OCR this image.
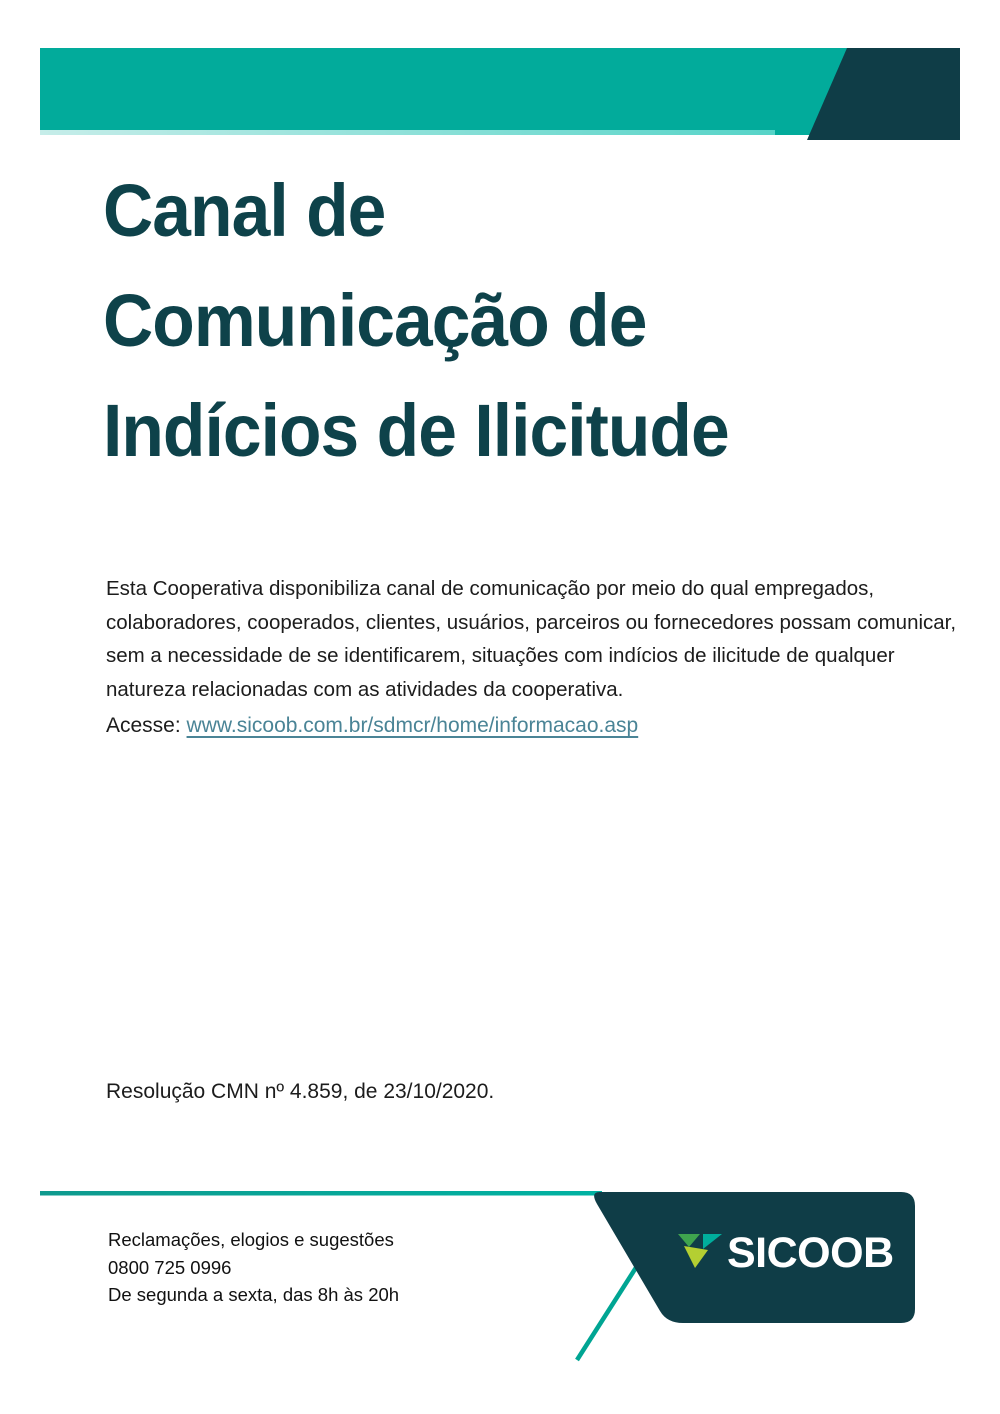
Canal de
Comunicação de
Indícios de Ilicitude

Esta Cooperativa disponibiliza canal de comunicação por meio do qual empregados, colaboradores, cooperados, clientes, usuários, parceiros ou fornecedores possam comunicar, sem a necessidade de se identificarem, situações com indícios de ilicitude de qualquer natureza relacionadas com as atividades da cooperativa.

Acesse: www.sicoob.com.br/sdmcr/home/informacao.asp
Resolução CMN nº 4.859, de 23/10/2020.
Reclamações, elogios e sugestões
0800 725 0996
De segunda a sexta, das 8h às 20h
SICOOB
